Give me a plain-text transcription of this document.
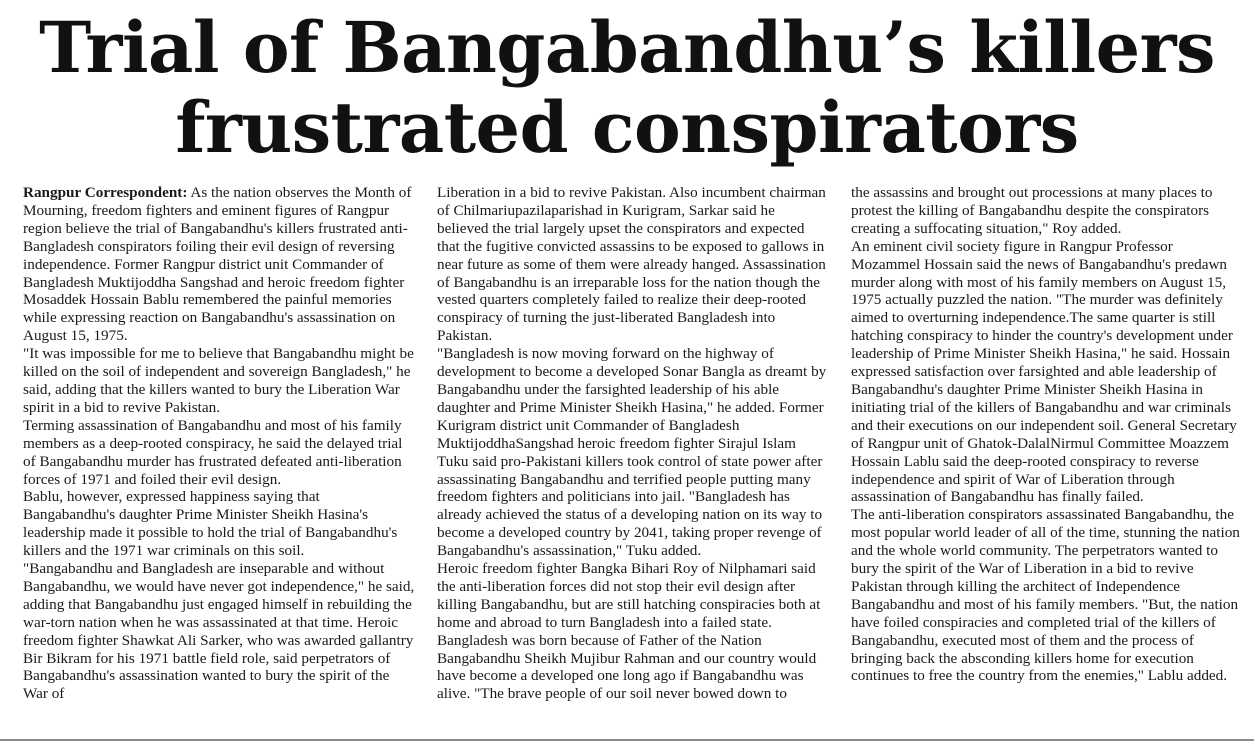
Trial of Bangabandhu’s killers
frustrated conspirators

Rangpur Correspondent: As the nation observes the Month of Mourning, freedom fighters and eminent figures of Rangpur region believe the trial of Bangabandhu's killers frustrated anti-Bangladesh conspirators foiling their evil design of reversing independence. Former Rangpur district unit Commander of Bangladesh Muktijoddha Sangshad and heroic freedom fighter Mosaddek Hossain Bablu remembered the painful memories while expressing reaction on Bangabandhu's assassination on August 15, 1975.

"It was impossible for me to believe that Bangabandhu might be killed on the soil of independent and sovereign Bangladesh," he said, adding that the killers wanted to bury the Liberation War spirit in a bid to revive Pakistan.

Terming assassination of Bangabandhu and most of his family members as a deep-rooted conspiracy, he said the delayed trial of Bangabandhu murder has frustrated defeated anti-liberation forces of 1971 and foiled their evil design.

Bablu, however, expressed happiness saying that Bangabandhu's daughter Prime Minister Sheikh Hasina's leadership made it possible to hold the trial of Bangabandhu's killers and the 1971 war criminals on this soil.

"Bangabandhu and Bangladesh are inseparable and without Bangabandhu, we would have never got independence," he said, adding that Bangabandhu just engaged himself in rebuilding the war-torn nation when he was assassinated at that time. Heroic freedom fighter Shawkat Ali Sarker, who was awarded gallantry Bir Bikram for his 1971 battle field role, said perpetrators of Bangabandhu's assassination wanted to bury the spirit of the War of

Liberation in a bid to revive Pakistan. Also incumbent chairman of Chilmariupazilaparishad in Kurigram, Sarkar said he believed the trial largely upset the conspirators and expected that the fugitive convicted assassins to be exposed to gallows in near future as some of them were already hanged. Assassination of Bangabandhu is an irreparable loss for the nation though the vested quarters completely failed to realize their deep-rooted conspiracy of turning the just-liberated Bangladesh into Pakistan.

"Bangladesh is now moving forward on the highway of development to become a developed Sonar Bangla as dreamt by Bangabandhu under the farsighted leadership of his able daughter and Prime Minister Sheikh Hasina," he added. Former Kurigram district unit Commander of Bangladesh MuktijoddhaSangshad heroic freedom fighter Sirajul Islam Tuku said pro-Pakistani killers took control of state power after assassinating Bangabandhu and terrified people putting many freedom fighters and politicians into jail. "Bangladesh has already achieved the status of a developing nation on its way to become a developed country by 2041, taking proper revenge of Bangabandhu's assassination," Tuku added.

Heroic freedom fighter Bangka Bihari Roy of Nilphamari said the anti-liberation forces did not stop their evil design after killing Bangabandhu, but are still hatching conspiracies both at home and abroad to turn Bangladesh into a failed state. Bangladesh was born because of Father of the Nation Bangabandhu Sheikh Mujibur Rahman and our country would have become a developed one long ago if Bangabandhu was alive. "The brave people of our soil never bowed down to

the assassins and brought out processions at many places to protest the killing of Bangabandhu despite the conspirators creating a suffocating situation," Roy added.

An eminent civil society figure in Rangpur Professor Mozammel Hossain said the news of Bangabandhu's predawn murder along with most of his family members on August 15, 1975 actually puzzled the nation. "The murder was definitely aimed to overturning independence.The same quarter is still hatching conspiracy to hinder the country's development under leadership of Prime Minister Sheikh Hasina," he said. Hossain expressed satisfaction over farsighted and able leadership of Bangabandhu's daughter Prime Minister Sheikh Hasina in initiating trial of the killers of Bangabandhu and war criminals and their executions on our independent soil. General Secretary of Rangpur unit of Ghatok-DalalNirmul Committee Moazzem Hossain Lablu said the deep-rooted conspiracy to reverse independence and spirit of War of Liberation through assassination of Bangabandhu has finally failed.

The anti-liberation conspirators assassinated Bangabandhu, the most popular world leader of all of the time, stunning the nation and the whole world community. The perpetrators wanted to bury the spirit of the War of Liberation in a bid to revive Pakistan through killing the architect of Independence Bangabandhu and most of his family members. "But, the nation have foiled conspiracies and completed trial of the killers of Bangabandhu, executed most of them and the process of bringing back the absconding killers home for execution continues to free the country from the enemies," Lablu added.
